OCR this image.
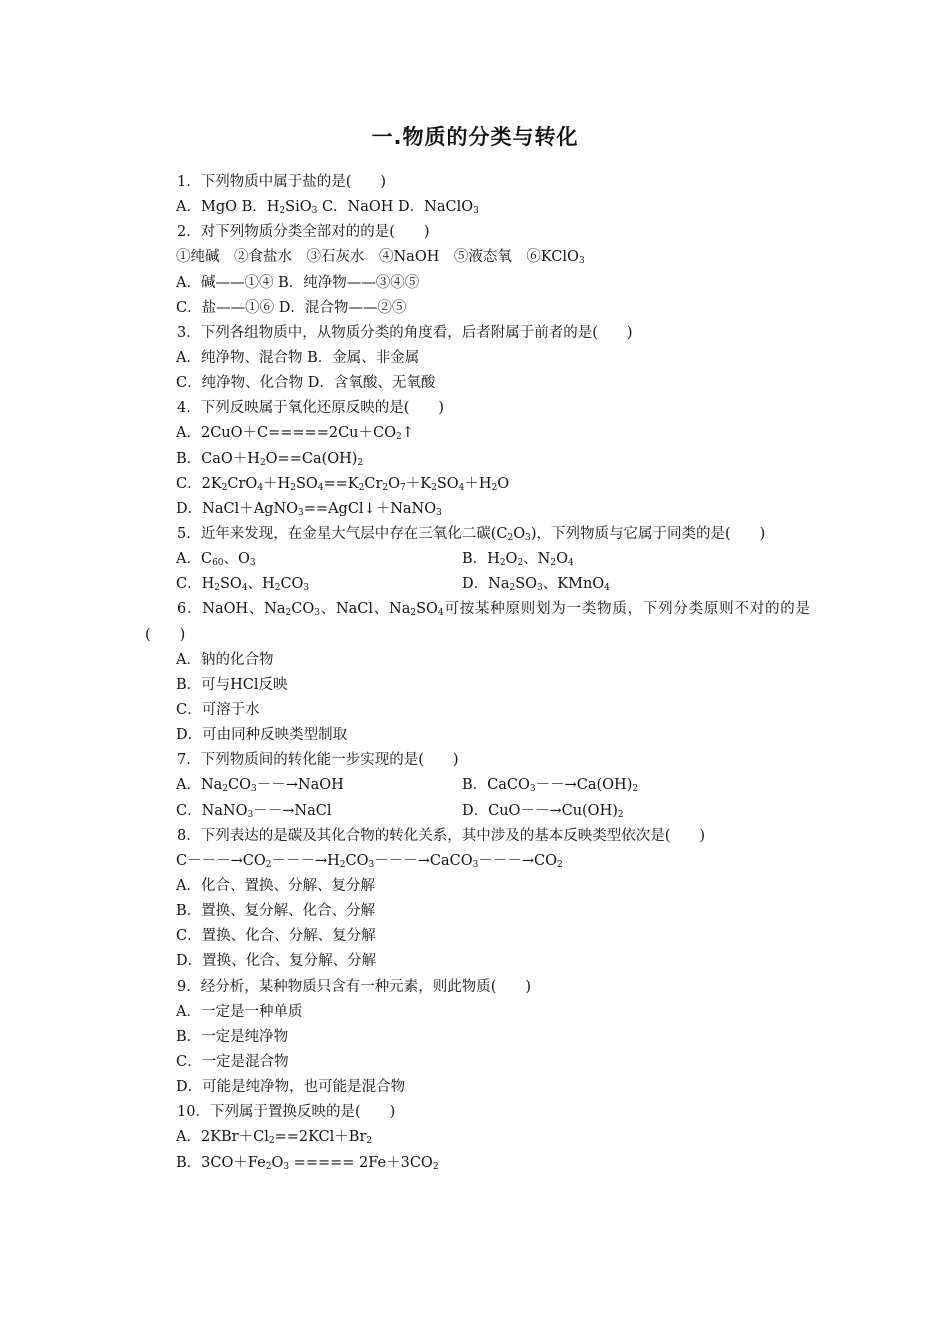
一.物质的分类与转化
1．下列物质中属于盐的是(　　)
A．MgO B．$H_2SiO_3$ C．NaOH D．NaClO$_3$
2．对下列物质分类全部对的的是(　　)
①纯碱　②食盐水　③石灰水　④NaOH　⑤液态氧　⑥KClO$_3$
A．碱——①④ B．纯净物——③④⑤
C．盐——①⑥ D．混合物——②⑤
3．下列各组物质中，从物质分类的角度看，后者附属于前者的是(　　)
A．纯净物、混合物 B．金属、非金属
C．纯净物、化合物 D．含氧酸、无氧酸
4．下列反映属于氧化还原反映的是(　　)
A．$2CuO+C=====2Cu+CO_2↑$
B．$CaO+H_2O==Ca(OH)_2$
C．$2K_2CrO_4+H_2SO_4==K_2Cr_2O_7+K_2SO_4+H_2O$
D．NaCl＋AgNO$_3$==AgCl↓＋NaNO$_3$
5．近年来发现，在金星大气层中存在三氧化二碳$(C_2O_3)$，下列物质与它属于同类的是(　　)
A．$C_{60}$、$O_3$	B．$H_2O_2$、$N_2O_4$
C．$H_2SO_4$、$H_2CO_3$	D．$Na_2SO_3$、KMnO$_4$
6．NaOH、$Na_2CO_3$、NaCl、$Na_2SO_4$可按某种原则划为一类物质，下列分类原则不对的的是(　　)
A．钠的化合物
B．可与HCl反映
C．可溶于水
D．可由同种反映类型制取
7．下列物质间的转化能一步实现的是(　　)
A．$Na_2CO_3--\to NaOH$	B．$CaCO_3--\to Ca(OH)_2$
C．NaNO$_3$－－→NaCl	D．$CuO--\to Cu(OH)_2$
8．下列表达的是碳及其化合物的转化关系，其中涉及的基本反映类型依次是(　　)
$C---\to CO_2---\to H_2CO_3---\to CaCO_3---\to CO_2$
A．化合、置换、分解、复分解
B．置换、复分解、化合、分解
C．置换、化合、分解、复分解
D．置换、化合、复分解、分解
9．经分析，某种物质只含有一种元素，则此物质(　　)
A．一定是一种单质
B．一定是纯净物
C．一定是混合物
D．可能是纯净物，也可能是混合物
10．下列属于置换反映的是(　　)
A．$2KBr+Cl_2==2KCl+Br_2$
B．$3CO+Fe_2O_3$ ===== $2Fe+3CO_2$
